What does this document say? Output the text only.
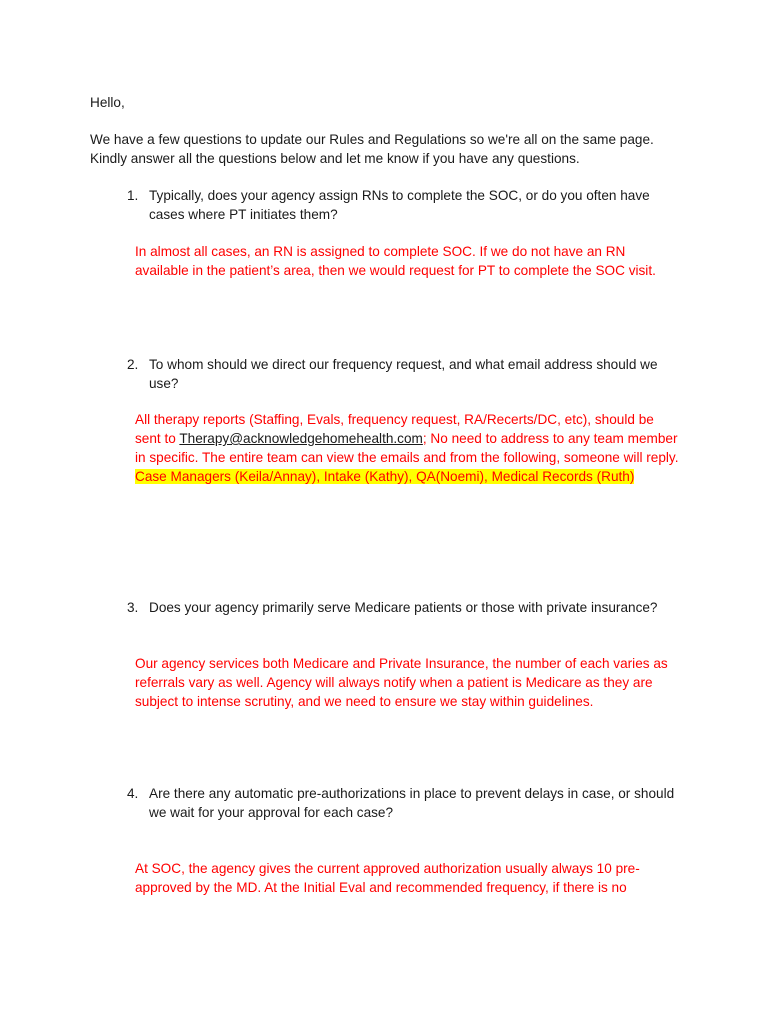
Hello,
We have a few questions to update our Rules and Regulations so we're all on the same page. Kindly answer all the questions below and let me know if you have any questions.
1. Typically, does your agency assign RNs to complete the SOC, or do you often have cases where PT initiates them?
In almost all cases, an RN is assigned to complete SOC. If we do not have an RN available in the patient’s area, then we would request for PT to complete the SOC visit.
2. To whom should we direct our frequency request, and what email address should we use?
All therapy reports (Staffing, Evals, frequency request, RA/Recerts/DC, etc), should be sent to Therapy@acknowledgehomehealth.com; No need to address to any team member in specific. The entire team can view the emails and from the following, someone will reply. Case Managers (Keila/Annay), Intake (Kathy), QA(Noemi), Medical Records (Ruth)
3. Does your agency primarily serve Medicare patients or those with private insurance?
Our agency services both Medicare and Private Insurance, the number of each varies as referrals vary as well. Agency will always notify when a patient is Medicare as they are subject to intense scrutiny, and we need to ensure we stay within guidelines.
4. Are there any automatic pre-authorizations in place to prevent delays in case, or should we wait for your approval for each case?
At SOC, the agency gives the current approved authorization usually always 10 pre-approved by the MD. At the Initial Eval and recommended frequency, if there is no
